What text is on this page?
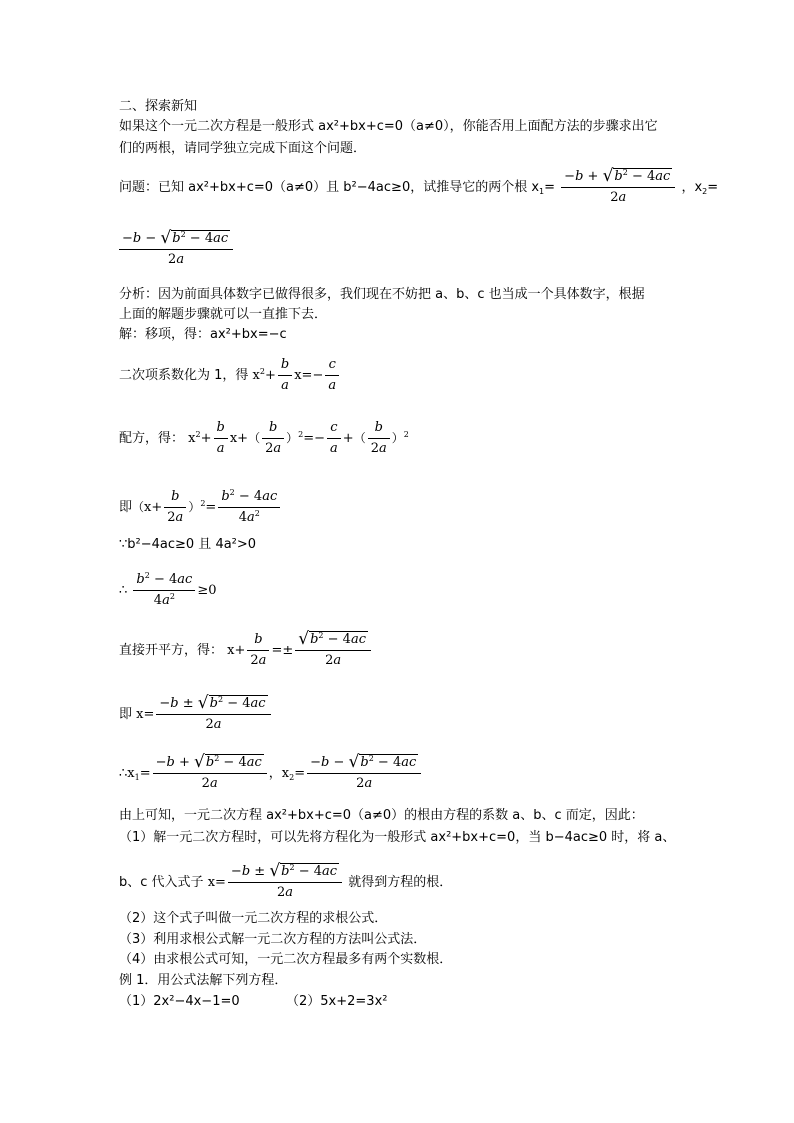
二、探索新知
如果这个一元二次方程是一般形式 ax²+bx+c=0（a≠0），你能否用上面配方法的步骤求出它
们的两根，请同学独立完成下面这个问题．
问题：已知 ax²+bx+c=0（a≠0）且 b²−4ac≥0，试推导它的两个根 $x_1= \frac{-b + √b^2 - 4ac}{2a}$ ，$x_2=$
$\frac{-b - √b^2 - 4ac}{2a}$
分析：因为前面具体数字已做得很多，我们现在不妨把 a、b、c 也当成一个具体数字，根据
上面的解题步骤就可以一直推下去．
解：移项，得：ax²+bx=−c
二次项系数化为 1，得 $x^2+ \frac{b}{a} x=- \frac{c}{a}$
配方，得： $x^2+ \frac{b}{a} x+( \frac{b}{2a} )^2=- \frac{c}{a}$ +（ $\frac{b}{2a} )^2$
即$(x+ \frac{b}{2a} )^2= \frac{b^2 - 4ac}{4a^2}$
∵b²−4ac≥0 且 4a²>0
∴ $\frac{b^2 - 4ac}{4a^2} \ge 0$
直接开平方，得： $x+ \frac{b}{2a} =\pm \frac{√b^2 - 4ac}{2a}$
即 $x= \frac{-b \pm √b^2 - 4ac}{2a}$
$\therefore x_1= \frac{-b + √b^2 - 4ac}{2a}$ ，$x_2= \frac{-b - √b^2 - 4ac}{2a}$
由上可知，一元二次方程 ax²+bx+c=0（a≠0）的根由方程的系数 a、b、c 而定，因此：
（1）解一元二次方程时，可以先将方程化为一般形式 ax²+bx+c=0，当 b−4ac≥0 时，将 a、
b、c 代入式子 $x= \frac{-b \pm √b^2 - 4ac}{2a}$ 就得到方程的根．
（2）这个式子叫做一元二次方程的求根公式．
（3）利用求根公式解一元二次方程的方法叫公式法．
（4）由求根公式可知，一元二次方程最多有两个实数根．
例 1．用公式法解下列方程．
（1）2x²−4x−1=0	（2）5x+2=3x²
